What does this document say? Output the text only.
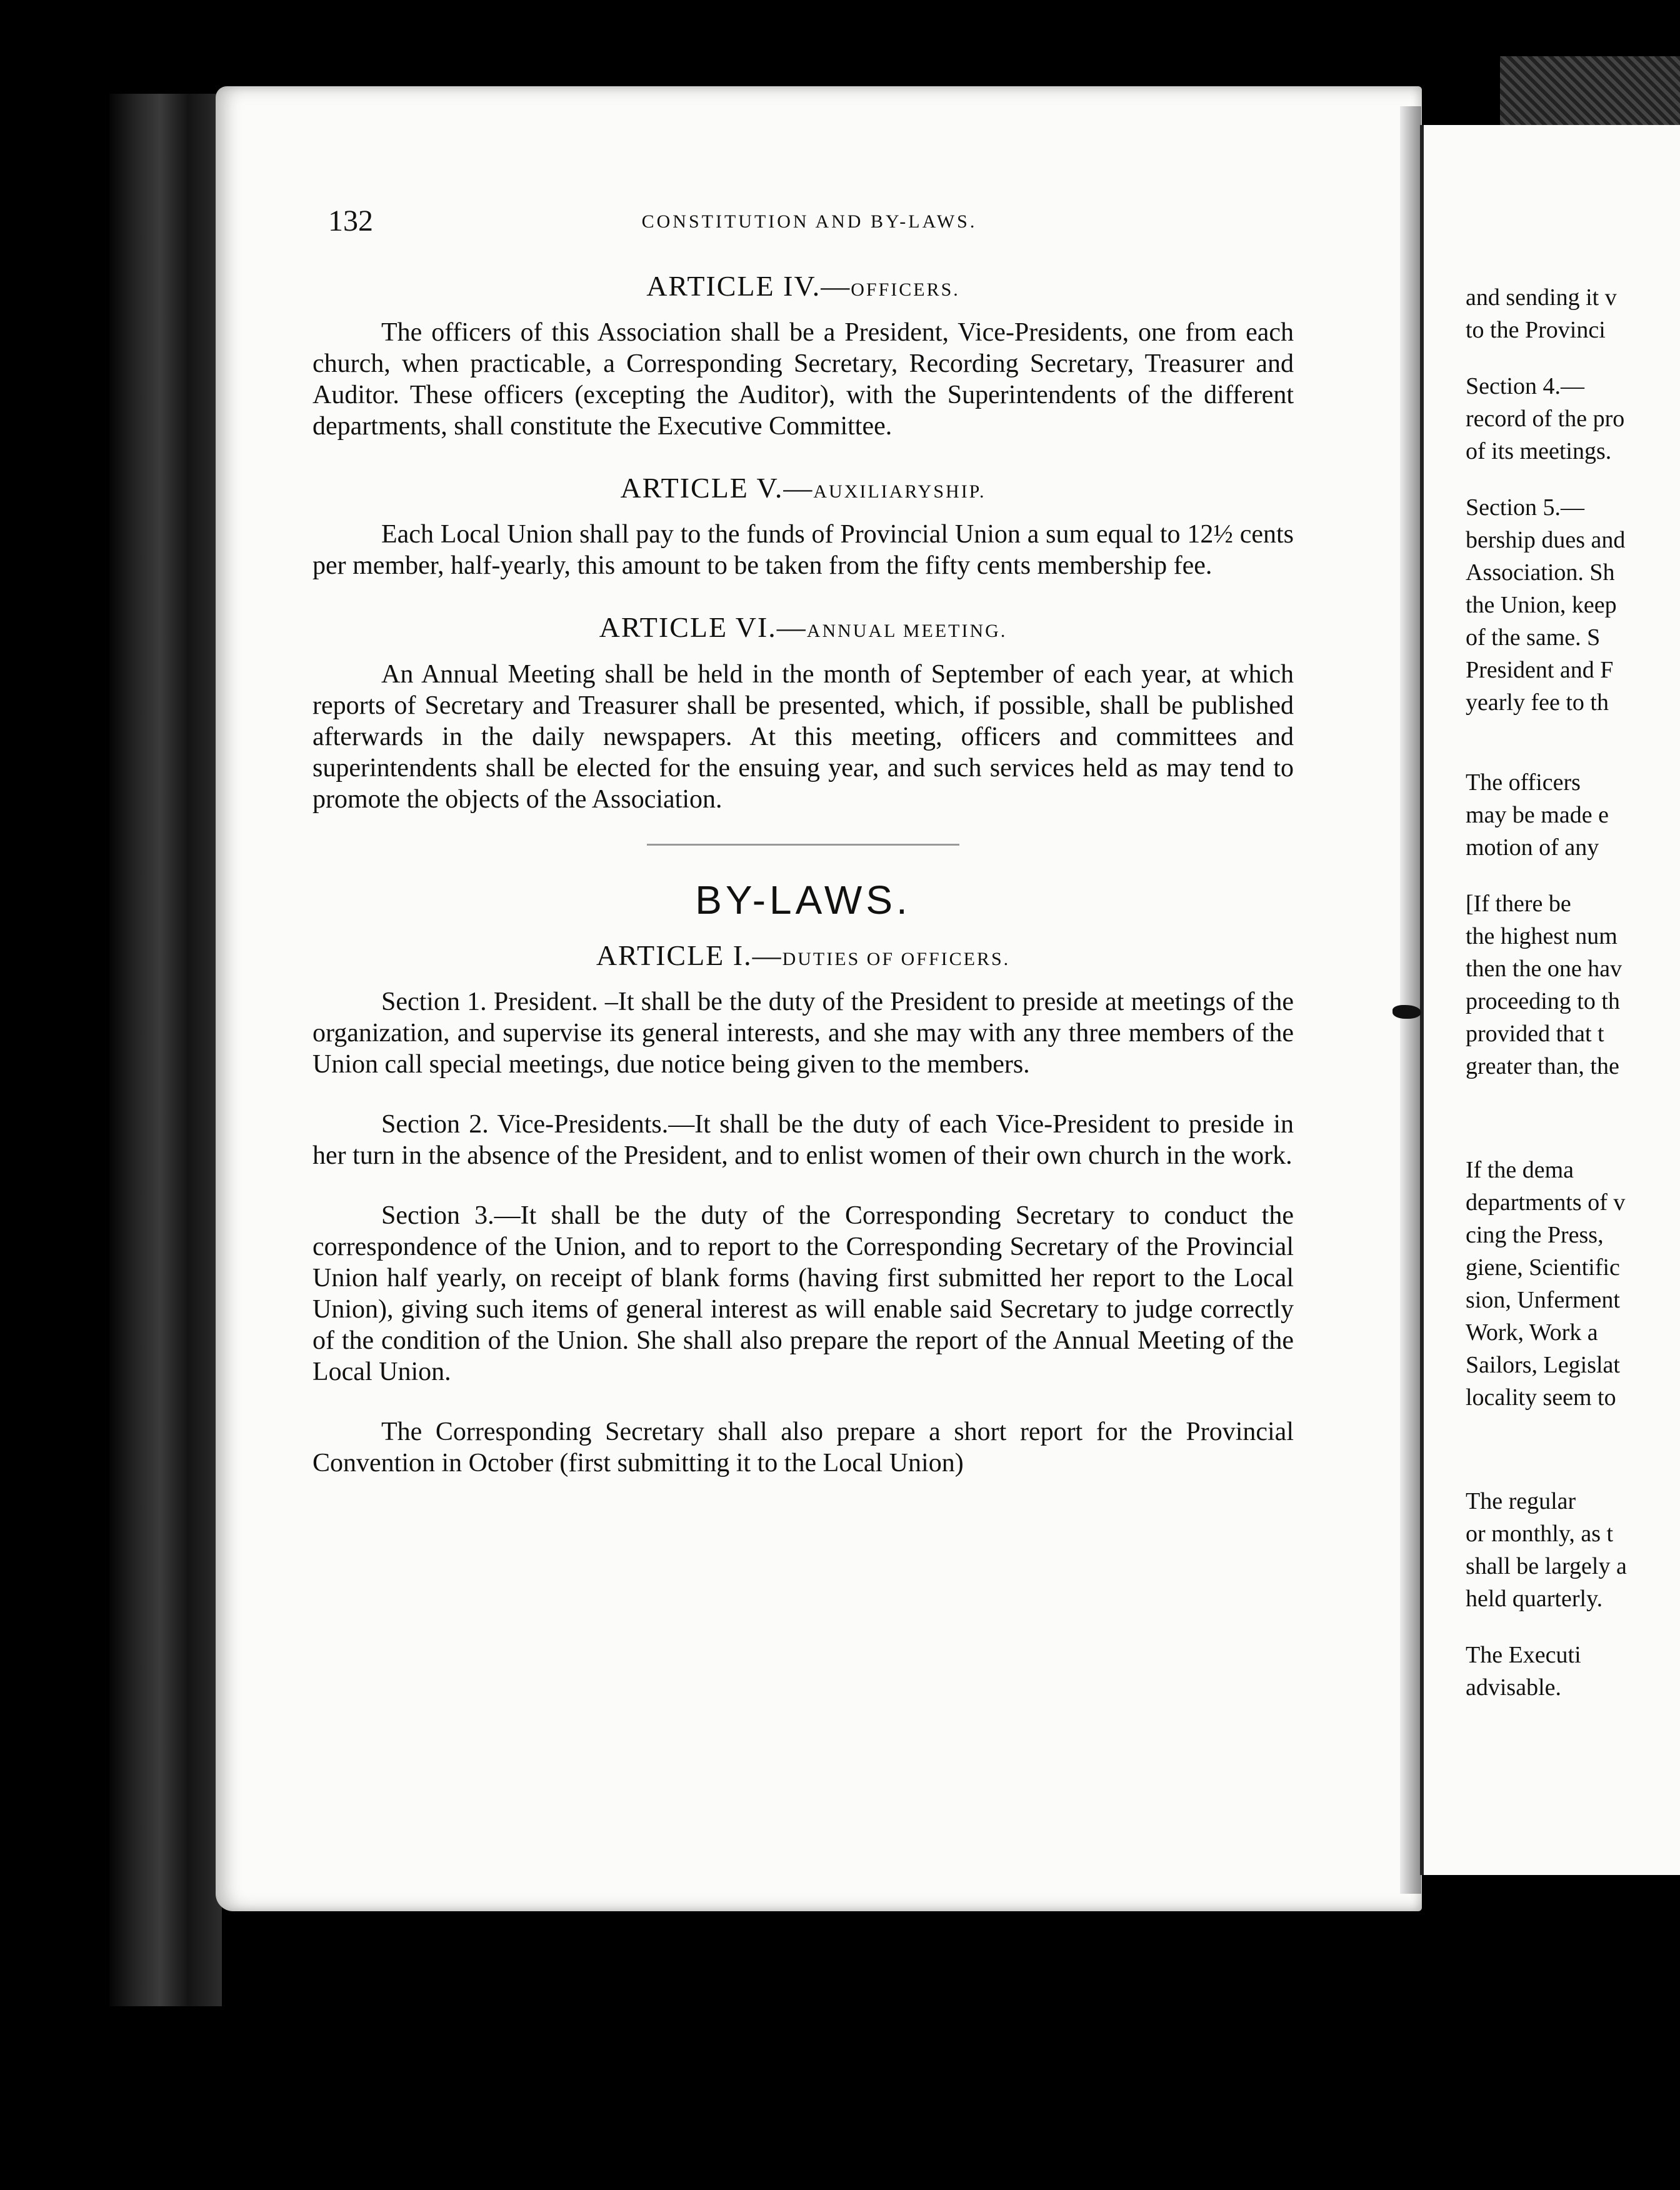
132	CONSTITUTION AND BY-LAWS.
ARTICLE IV.—OFFICERS.

The officers of this Association shall be a President, Vice-Presidents, one from each church, when practicable, a Corresponding Secretary, Recording Secretary, Treasurer and Auditor. These officers (excepting the Auditor), with the Superintendents of the different departments, shall constitute the Executive Committee.

ARTICLE V.—AUXILIARYSHIP.

Each Local Union shall pay to the funds of Provincial Union a sum equal to 12½ cents per member, half-yearly, this amount to be taken from the fifty cents membership fee.

ARTICLE VI.—ANNUAL MEETING.

An Annual Meeting shall be held in the month of September of each year, at which reports of Secretary and Treasurer shall be presented, which, if possible, shall be published afterwards in the daily newspapers. At this meeting, officers and committees and superintendents shall be elected for the ensuing year, and such services held as may tend to promote the objects of the Association.

BY-LAWS.
ARTICLE I.—DUTIES OF OFFICERS.

Section 1. President. –It shall be the duty of the President to preside at meetings of the organization, and supervise its general interests, and she may with any three members of the Union call special meetings, due notice being given to the members.

Section 2. Vice-Presidents.—It shall be the duty of each Vice-President to preside in her turn in the absence of the President, and to enlist women of their own church in the work.

Section 3.—It shall be the duty of the Corresponding Secretary to conduct the correspondence of the Union, and to report to the Corresponding Secretary of the Provincial Union half yearly, on receipt of blank forms (having first submitted her report to the Local Union), giving such items of general interest as will enable said Secretary to judge correctly of the condition of the Union. She shall also prepare the report of the Annual Meeting of the Local Union.

The Corresponding Secretary shall also prepare a short report for the Provincial Convention in October (first submitting it to the Local Union)

and sending it v
to the Provinci
Section 4.—
record of the pro
of its meetings.
Section 5.—
bership dues and
Association. Sh
the Union, keep
of the same. S
President and F
yearly fee to th
The officers
may be made e
motion of any
[If there be
the highest num
then the one hav
proceeding to th
provided that t
greater than, the
If the dema
departments of v
cing the Press,
giene, Scientific
sion, Unferment
Work, Work a
Sailors, Legislat
locality seem to
The regular
or monthly, as t
shall be largely a
held quarterly.
The Executi
advisable.
